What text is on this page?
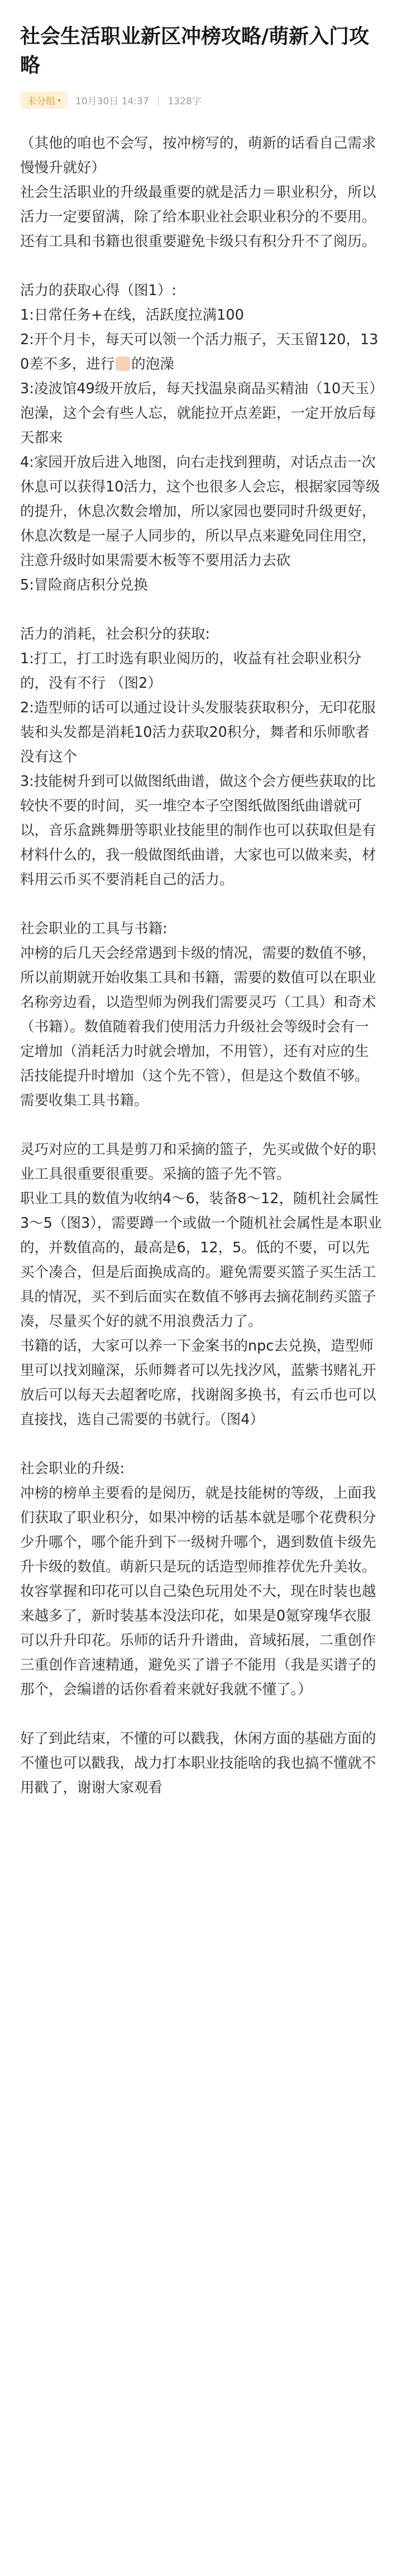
社会生活职业新区冲榜攻略/萌新入门攻略
未分组 ▾ 10月30日 14:37 | 1328字

（其他的咱也不会写，按冲榜写的，萌新的话看自己需求慢慢升就好）

社会生活职业的升级最重要的就是活力＝职业积分，所以活力一定要留满，除了给本职业社会职业积分的不要用。还有工具和书籍也很重要避免卡级只有积分升不了阅历。

活力的获取心得（图1）:

1:日常任务+在线，活跃度拉满100

2:开个月卡，每天可以领一个活力瓶子，天玉留120，130差不多，进行 的泡澡

3:凌波馆49级开放后，每天找温泉商品买精油（10天玉）泡澡，这个会有些人忘，就能拉开点差距，一定开放后每天都来

4:家园开放后进入地图，向右走找到狸萌，对话点击一次休息可以获得10活力，这个也很多人会忘，根据家园等级的提升，休息次数会增加，所以家园也要同时升级更好，休息次数是一屋子人同步的，所以早点来避免同住用空，注意升级时如果需要木板等不要用活力去砍

5:冒险商店积分兑换

活力的消耗，社会积分的获取:

1:打工，打工时选有职业阅历的，收益有社会职业积分的，没有不行 （图2）

2:造型师的话可以通过设计头发服装获取积分，无印花服装和头发都是消耗10活力获取20积分，舞者和乐师歌者没有这个

3:技能树升到可以做图纸曲谱，做这个会方便些获取的比较快不要的时间，买一堆空本子空图纸做图纸曲谱就可以，音乐盒跳舞册等职业技能里的制作也可以获取但是有材料什么的，我一般做图纸曲谱，大家也可以做来卖，材料用云币买不要消耗自己的活力。

社会职业的工具与书籍:

冲榜的后几天会经常遇到卡级的情况，需要的数值不够，所以前期就开始收集工具和书籍，需要的数值可以在职业名称旁边看，以造型师为例我们需要灵巧（工具）和奇术（书籍）。数值随着我们使用活力升级社会等级时会有一定增加（消耗活力时就会增加，不用管），还有对应的生活技能提升时增加（这个先不管），但是这个数值不够。需要收集工具书籍。

灵巧对应的工具是剪刀和采摘的篮子，先买或做个好的职业工具很重要很重要。采摘的篮子先不管。

职业工具的数值为收纳4～6，装备8～12，随机社会属性3～5（图3），需要蹲一个或做一个随机社会属性是本职业的，并数值高的，最高是6，12，5。低的不要，可以先买个凑合，但是后面换成高的。避免需要买篮子买生活工具的情况，买不到后面实在数值不够再去摘花制药买篮子凑，尽量买个好的就不用浪费活力了。

书籍的话，大家可以养一下金案书的npc去兑换，造型师里可以找刘瞳深，乐师舞者可以先找汐风，蓝紫书赌礼开放后可以每天去超奢吃席，找谢阁多换书，有云币也可以直接找，选自己需要的书就行。（图4）

社会职业的升级:

冲榜的榜单主要看的是阅历，就是技能树的等级，上面我们获取了职业积分，如果冲榜的话基本就是哪个花费积分少升哪个，哪个能升到下一级树升哪个，遇到数值卡级先升卡级的数值。萌新只是玩的话造型师推荐优先升美妆。妆容掌握和印花可以自己染色玩用处不大，现在时装也越来越多了，新时装基本没法印花，如果是0氪穿瑰华衣服可以升升印花。乐师的话升升谱曲，音域拓展，二重创作三重创作音速精通，避免买了谱子不能用（我是买谱子的那个，会编谱的话你看着来就好我就不懂了。）

好了到此结束，不懂的可以戳我，休闲方面的基础方面的不懂也可以戳我，战力打本职业技能啥的我也搞不懂就不用戳了，谢谢大家观看
